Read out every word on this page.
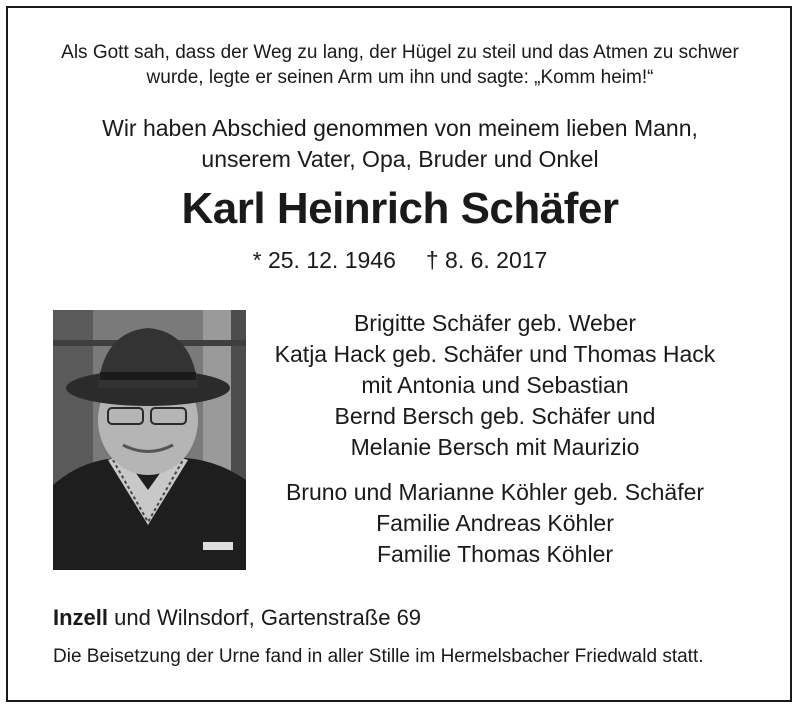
Als Gott sah, dass der Weg zu lang, der Hügel zu steil und das Atmen zu schwer
wurde, legte er seinen Arm um ihn und sagte: „Komm heim!“
Wir haben Abschied genommen von meinem lieben Mann,
unserem Vater, Opa, Bruder und Onkel
Karl Heinrich Schäfer
* 25. 12. 1946 † 8. 6. 2017
Brigitte Schäfer geb. Weber
Katja Hack geb. Schäfer und Thomas Hack
mit Antonia und Sebastian
Bernd Bersch geb. Schäfer und
Melanie Bersch mit Maurizio
Bruno und Marianne Köhler geb. Schäfer
Familie Andreas Köhler
Familie Thomas Köhler
Inzell und Wilnsdorf, Gartenstraße 69
Die Beisetzung der Urne fand in aller Stille im Hermelsbacher Friedwald statt.
